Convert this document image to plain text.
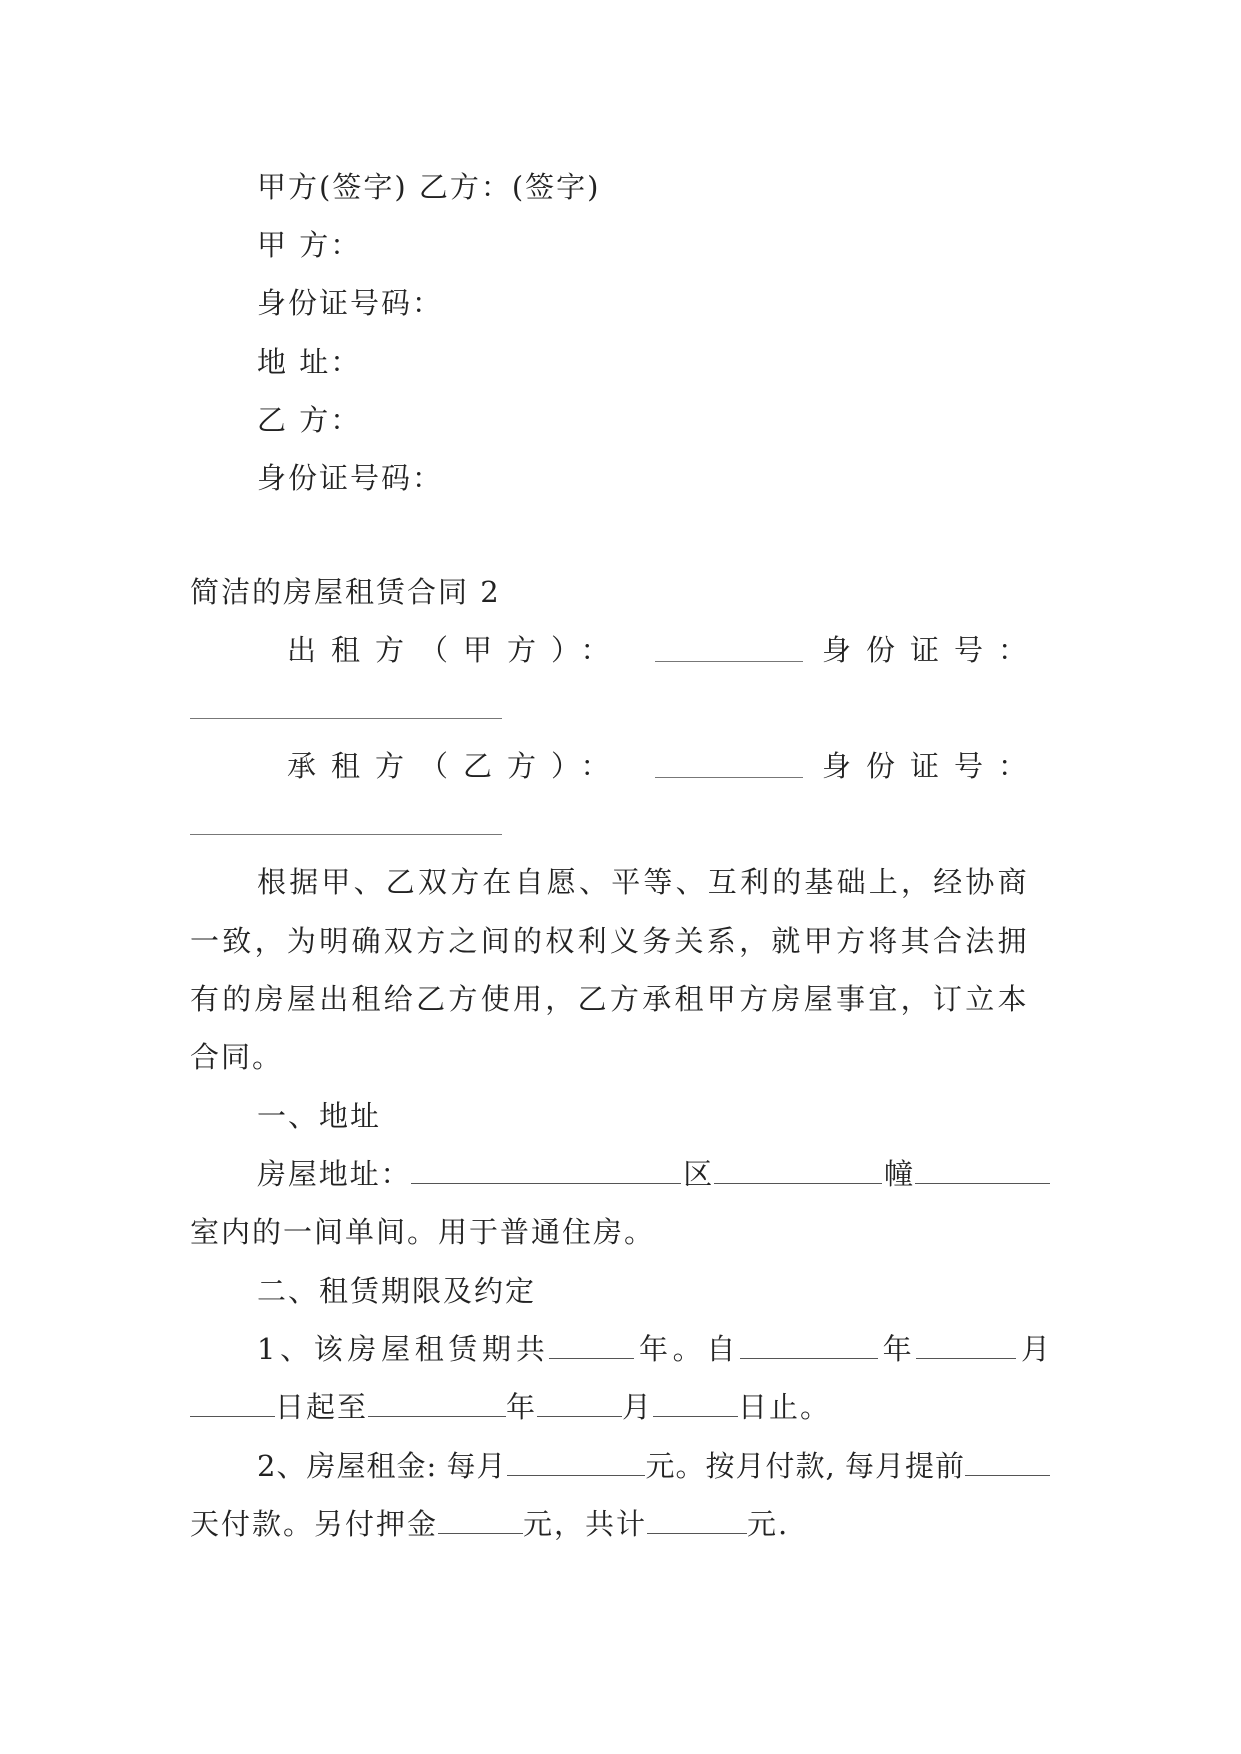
甲方(签字) 乙方：(签字)
甲 方：
身份证号码：
地 址：
乙 方：
身份证号码：
简洁的房屋租赁合同 2
出租方（甲方）：	身份证号：
承租方（乙方）：	身份证号：
根据甲、乙双方在自愿、平等、互利的基础上，经协商
一致，为明确双方之间的权利义务关系，就甲方将其合法拥
有的房屋出租给乙方使用，乙方承租甲方房屋事宜，订立本
合同。
一、地址
房屋地址：	区	幢
室内的一间单间。用于普通住房。
二、租赁期限及约定
1、该房屋租赁期共	年。自	年	月
日起至	年	月	日止。
2、房屋租金: 每月	元。按月付款, 每月提前
天付款。另付押金	元，共计	元.
